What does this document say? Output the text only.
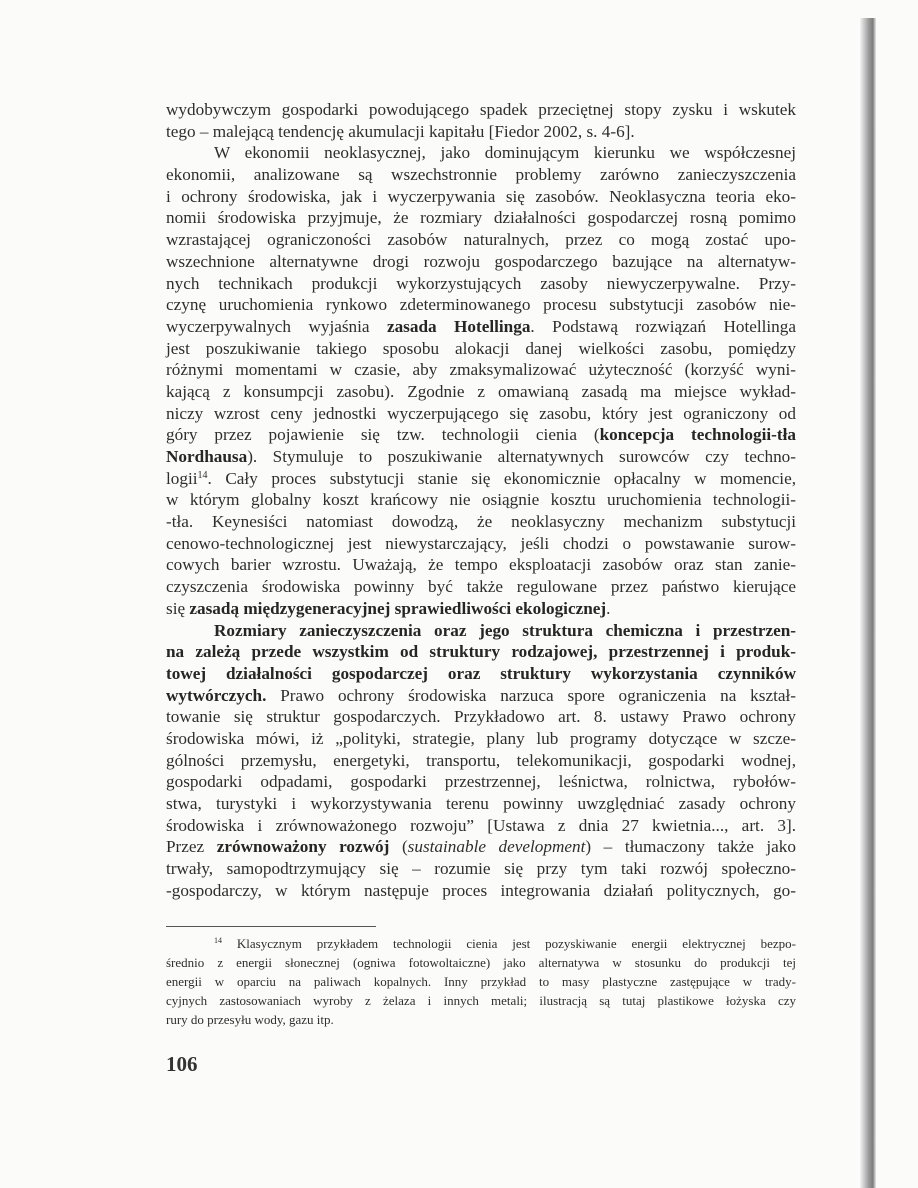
wydobywczym gospodarki powodującego spadek przeciętnej stopy zysku i wskutek
tego – malejącą tendencję akumulacji kapitału [Fiedor 2002, s. 4-6].
W ekonomii neoklasycznej, jako dominującym kierunku we współczesnej
ekonomii, analizowane są wszechstronnie problemy zarówno zanieczyszczenia
i ochrony środowiska, jak i wyczerpywania się zasobów. Neoklasyczna teoria eko-
nomii środowiska przyjmuje, że rozmiary działalności gospodarczej rosną pomimo
wzrastającej ograniczoności zasobów naturalnych, przez co mogą zostać upo-
wszechnione alternatywne drogi rozwoju gospodarczego bazujące na alternatyw-
nych technikach produkcji wykorzystujących zasoby niewyczerpywalne. Przy-
czynę uruchomienia rynkowo zdeterminowanego procesu substytucji zasobów nie-
wyczerpywalnych wyjaśnia zasada Hotellinga. Podstawą rozwiązań Hotellinga
jest poszukiwanie takiego sposobu alokacji danej wielkości zasobu, pomiędzy
różnymi momentami w czasie, aby zmaksymalizować użyteczność (korzyść wyni-
kającą z konsumpcji zasobu). Zgodnie z omawianą zasadą ma miejsce wykład-
niczy wzrost ceny jednostki wyczerpującego się zasobu, który jest ograniczony od
góry przez pojawienie się tzw. technologii cienia (koncepcja technologii-tła
Nordhausa). Stymuluje to poszukiwanie alternatywnych surowców czy techno-
logii$^{14}$. Cały proces substytucji stanie się ekonomicznie opłacalny w momencie,
w którym globalny koszt krańcowy nie osiągnie kosztu uruchomienia technologii-
-tła. Keynesiści natomiast dowodzą, że neoklasyczny mechanizm substytucji
cenowo-technologicznej jest niewystarczający, jeśli chodzi o powstawanie surow-
cowych barier wzrostu. Uważają, że tempo eksploatacji zasobów oraz stan zanie-
czyszczenia środowiska powinny być także regulowane przez państwo kierujące
się zasadą międzygeneracyjnej sprawiedliwości ekologicznej.
Rozmiary zanieczyszczenia oraz jego struktura chemiczna i przestrzen-
na zależą przede wszystkim od struktury rodzajowej, przestrzennej i produk-
towej działalności gospodarczej oraz struktury wykorzystania czynników
wytwórczych. Prawo ochrony środowiska narzuca spore ograniczenia na kształ-
towanie się struktur gospodarczych. Przykładowo art. 8. ustawy Prawo ochrony
środowiska mówi, iż „polityki, strategie, plany lub programy dotyczące w szcze-
gólności przemysłu, energetyki, transportu, telekomunikacji, gospodarki wodnej,
gospodarki odpadami, gospodarki przestrzennej, leśnictwa, rolnictwa, rybołów-
stwa, turystyki i wykorzystywania terenu powinny uwzględniać zasady ochrony
środowiska i zrównoważonego rozwoju” [Ustawa z dnia 27 kwietnia..., art. 3].
Przez zrównoważony rozwój (sustainable development) – tłumaczony także jako
trwały, samopodtrzymujący się – rozumie się przy tym taki rozwój społeczno-
-gospodarczy, w którym następuje proces integrowania działań politycznych, go-
$^{14}$ Klasycznym przykładem technologii cienia jest pozyskiwanie energii elektrycznej bezpo-
średnio z energii słonecznej (ogniwa fotowoltaiczne) jako alternatywa w stosunku do produkcji tej
energii w oparciu na paliwach kopalnych. Inny przykład to masy plastyczne zastępujące w trady-
cyjnych zastosowaniach wyroby z żelaza i innych metali; ilustracją są tutaj plastikowe łożyska czy
rury do przesyłu wody, gazu itp.
106
